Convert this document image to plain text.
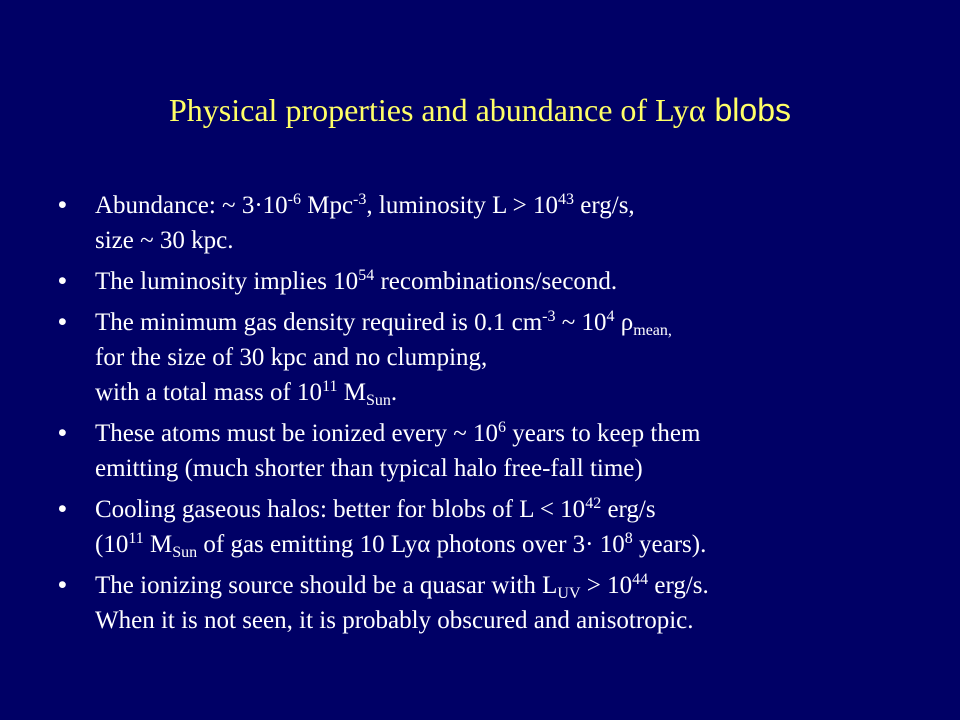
Physical properties and abundance of Lyα blobs
• Abundance: ~ $3\cdot 10^{-6}$ Mpc$^{-3}$, luminosity $L > 10^{43}$ erg/s,
size ~ 30 kpc.
• The luminosity implies $10^{54}$ recombinations/second.
• The minimum gas density required is 0.1 $cm^{-3}$ ~ $10^4$ $\rho_{mean,}$
for the size of 30 kpc and no clumping,
with a total mass of $10^{11}$ $M_{Sun}$.
• These atoms must be ionized every ~ $10^6$ years to keep them
emitting (much shorter than typical halo free-fall time)
• Cooling gaseous halos: better for blobs of $L < 10^{42}$ erg/s
($10^{11}$ $M_{Sun}$ of gas emitting 10 Lyα photons over $3\cdot 10^8$ years).
• The ionizing source should be a quasar with $L_{UV} > 10^{44}$ erg/s.
When it is not seen, it is probably obscured and anisotropic.
